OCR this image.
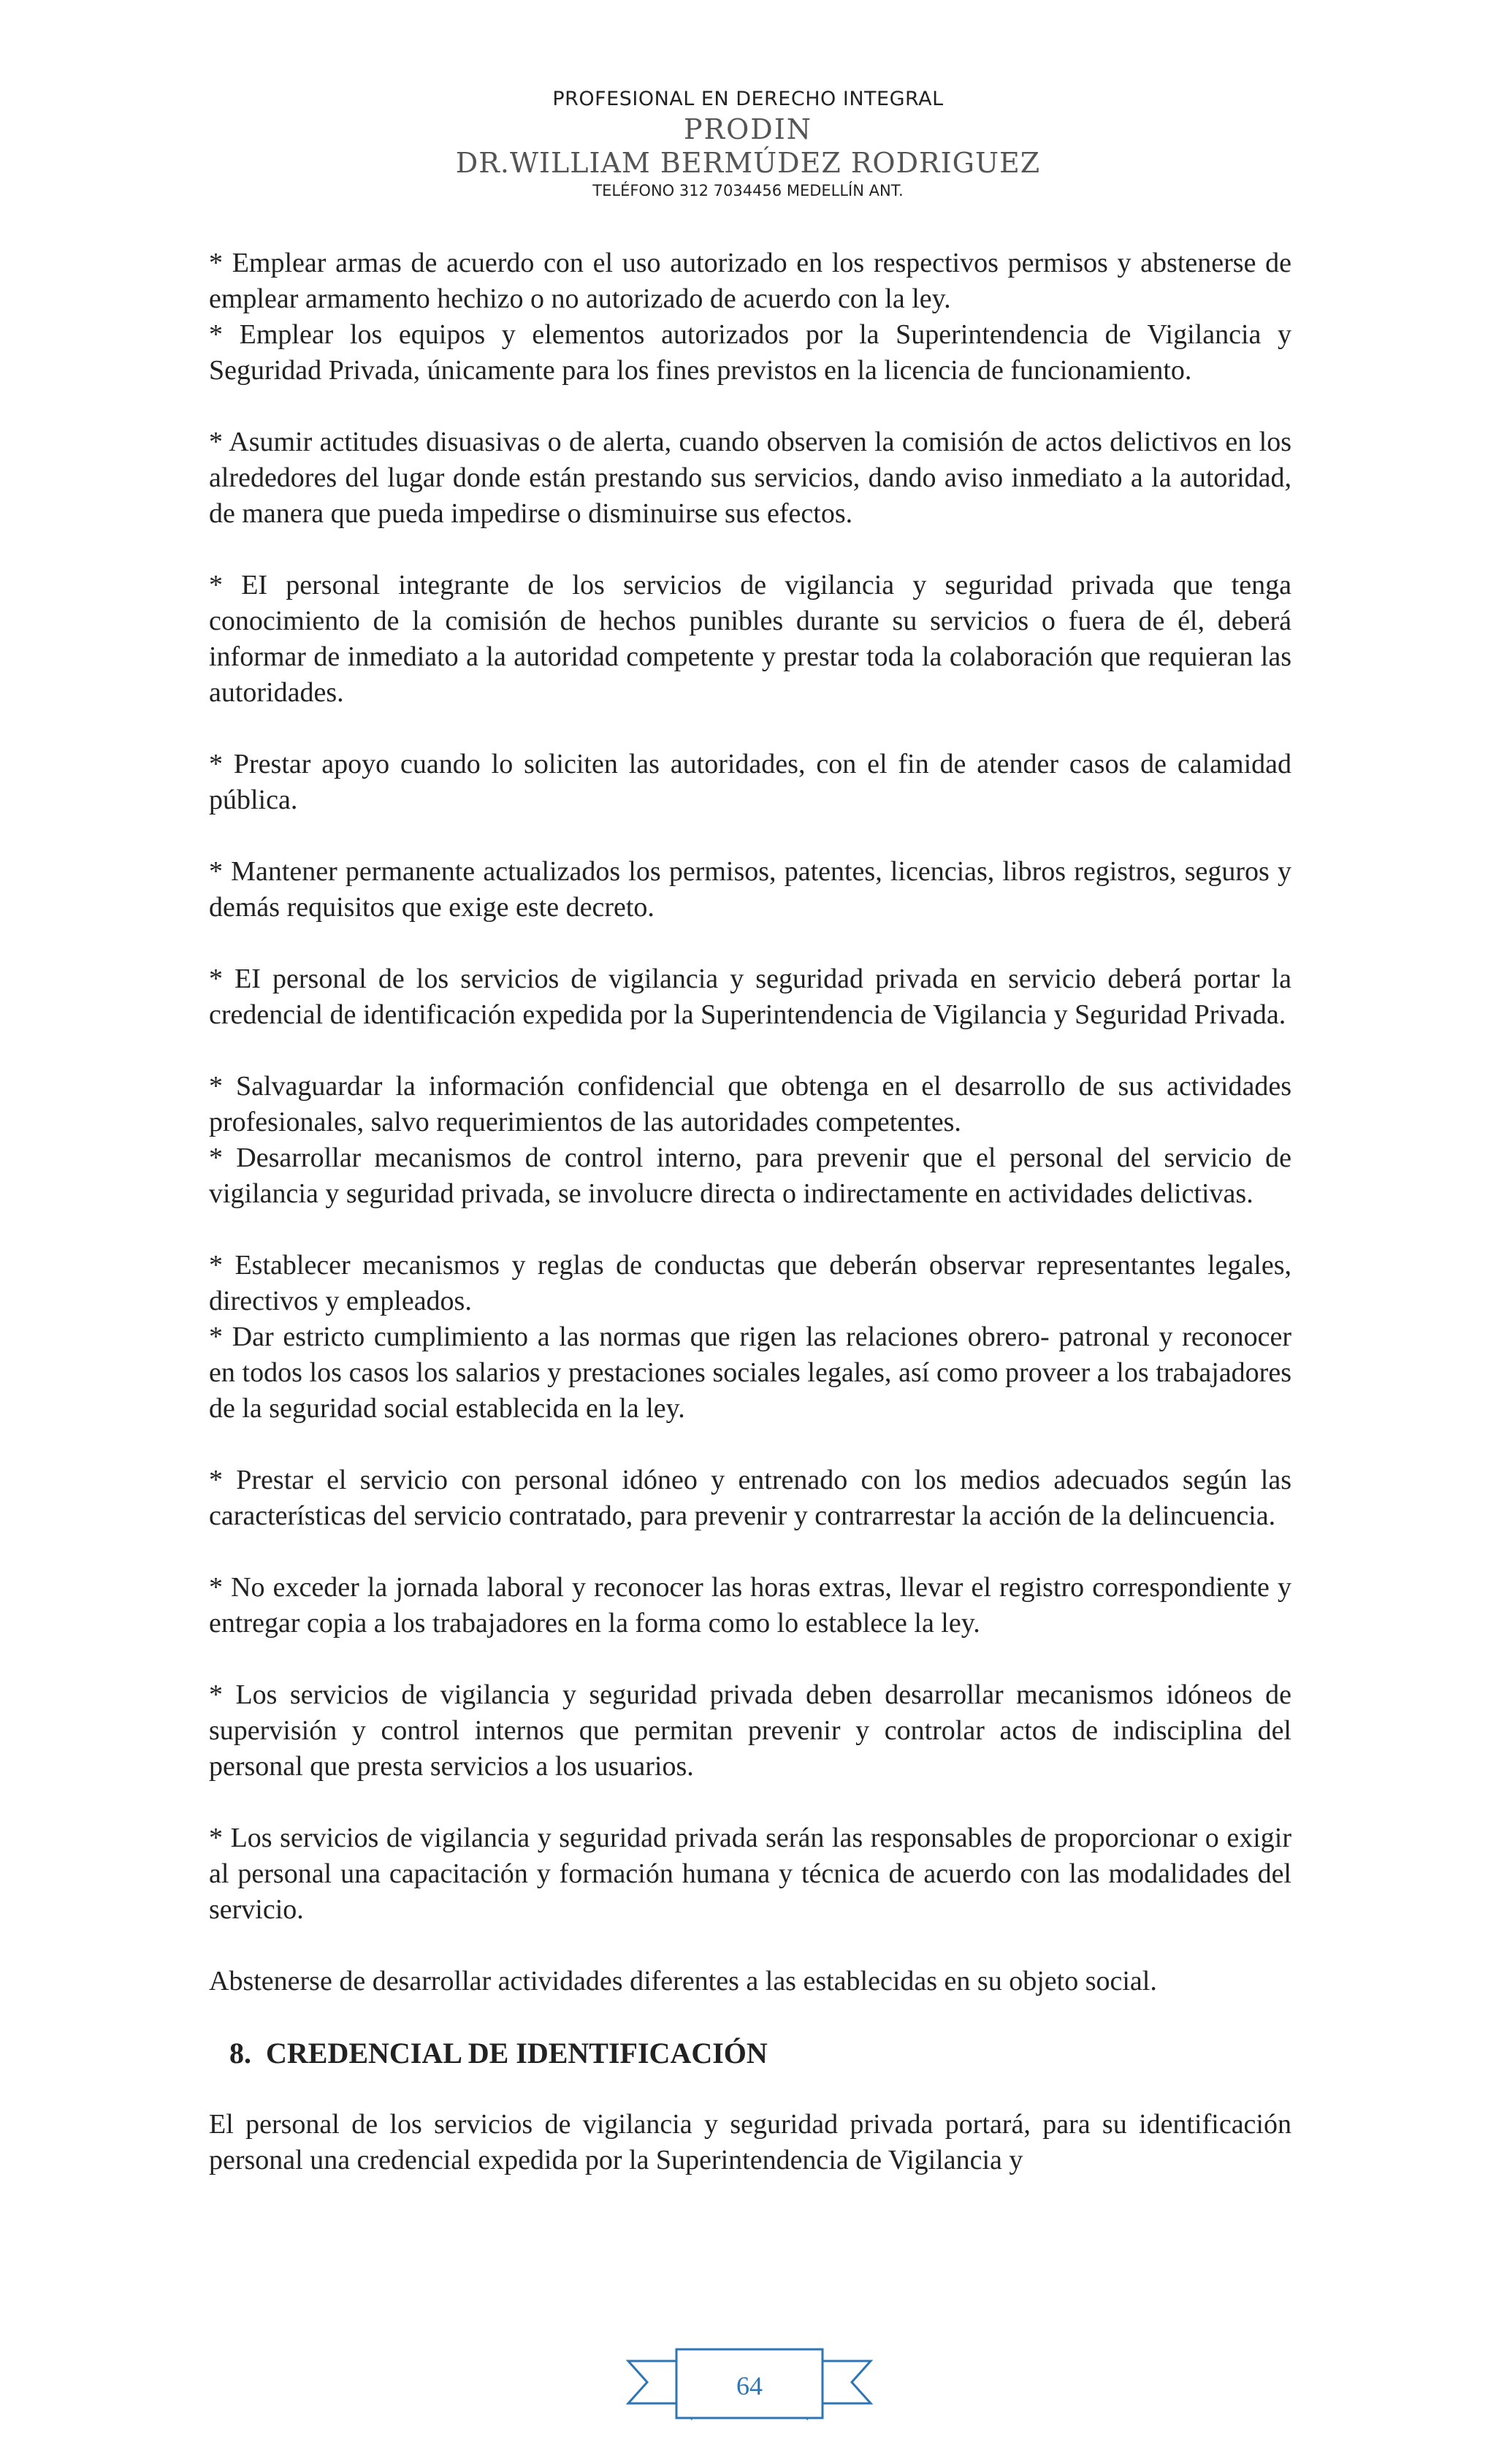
PROFESIONAL EN DERECHO INTEGRAL
PRODIN
DR.WILLIAM BERMÚDEZ RODRIGUEZ
TELÉFONO 312 7034456 MEDELLÍN ANT.

* Emplear armas de acuerdo con el uso autorizado en los respectivos permisos y abstenerse de emplear armamento hechizo o no autorizado de acuerdo con la ley.

* Emplear los equipos y elementos autorizados por la Superintendencia de Vigilancia y Seguridad Privada, únicamente para los fines previstos en la licencia de funcionamiento.

* Asumir actitudes disuasivas o de alerta, cuando observen la comisión de actos delictivos en los alrededores del lugar donde están prestando sus servicios, dando aviso inmediato a la autoridad, de manera que pueda impedirse o disminuirse sus efectos.

* EI personal integrante de los servicios de vigilancia y seguridad privada que tenga conocimiento de la comisión de hechos punibles durante su servicios o fuera de él, deberá informar de inmediato a la autoridad competente y prestar toda la colaboración que requieran las autoridades.

* Prestar apoyo cuando lo soliciten las autoridades, con el fin de atender casos de calamidad pública.

* Mantener permanente actualizados los permisos, patentes, licencias, libros registros, seguros y demás requisitos que exige este decreto.

* EI personal de los servicios de vigilancia y seguridad privada en servicio deberá portar la credencial de identificación expedida por la Superintendencia de Vigilancia y Seguridad Privada.

* Salvaguardar la información confidencial que obtenga en el desarrollo de sus actividades profesionales, salvo requerimientos de las autoridades competentes.

* Desarrollar mecanismos de control interno, para prevenir que el personal del servicio de vigilancia y seguridad privada, se involucre directa o indirectamente en actividades delictivas.

* Establecer mecanismos y reglas de conductas que deberán observar representantes legales, directivos y empleados.

* Dar estricto cumplimiento a las normas que rigen las relaciones obrero- patronal y reconocer en todos los casos los salarios y prestaciones sociales legales, así como proveer a los trabajadores de la seguridad social establecida en la ley.

* Prestar el servicio con personal idóneo y entrenado con los medios adecuados según las características del servicio contratado, para prevenir y contrarrestar la acción de la delincuencia.

* No exceder la jornada laboral y reconocer las horas extras, llevar el registro correspondiente y entregar copia a los trabajadores en la forma como lo establece la ley.

* Los servicios de vigilancia y seguridad privada deben desarrollar mecanismos idóneos de supervisión y control internos que permitan prevenir y controlar actos de indisciplina del personal que presta servicios a los usuarios.

* Los servicios de vigilancia y seguridad privada serán las responsables de proporcionar o exigir al personal una capacitación y formación humana y técnica de acuerdo con las modalidades del servicio.

Abstenerse de desarrollar actividades diferentes a las establecidas en su objeto social.

8. CREDENCIAL DE IDENTIFICACIÓN

El personal de los servicios de vigilancia y seguridad privada portará, para su identificación personal una credencial expedida por la Superintendencia de Vigilancia y

64
